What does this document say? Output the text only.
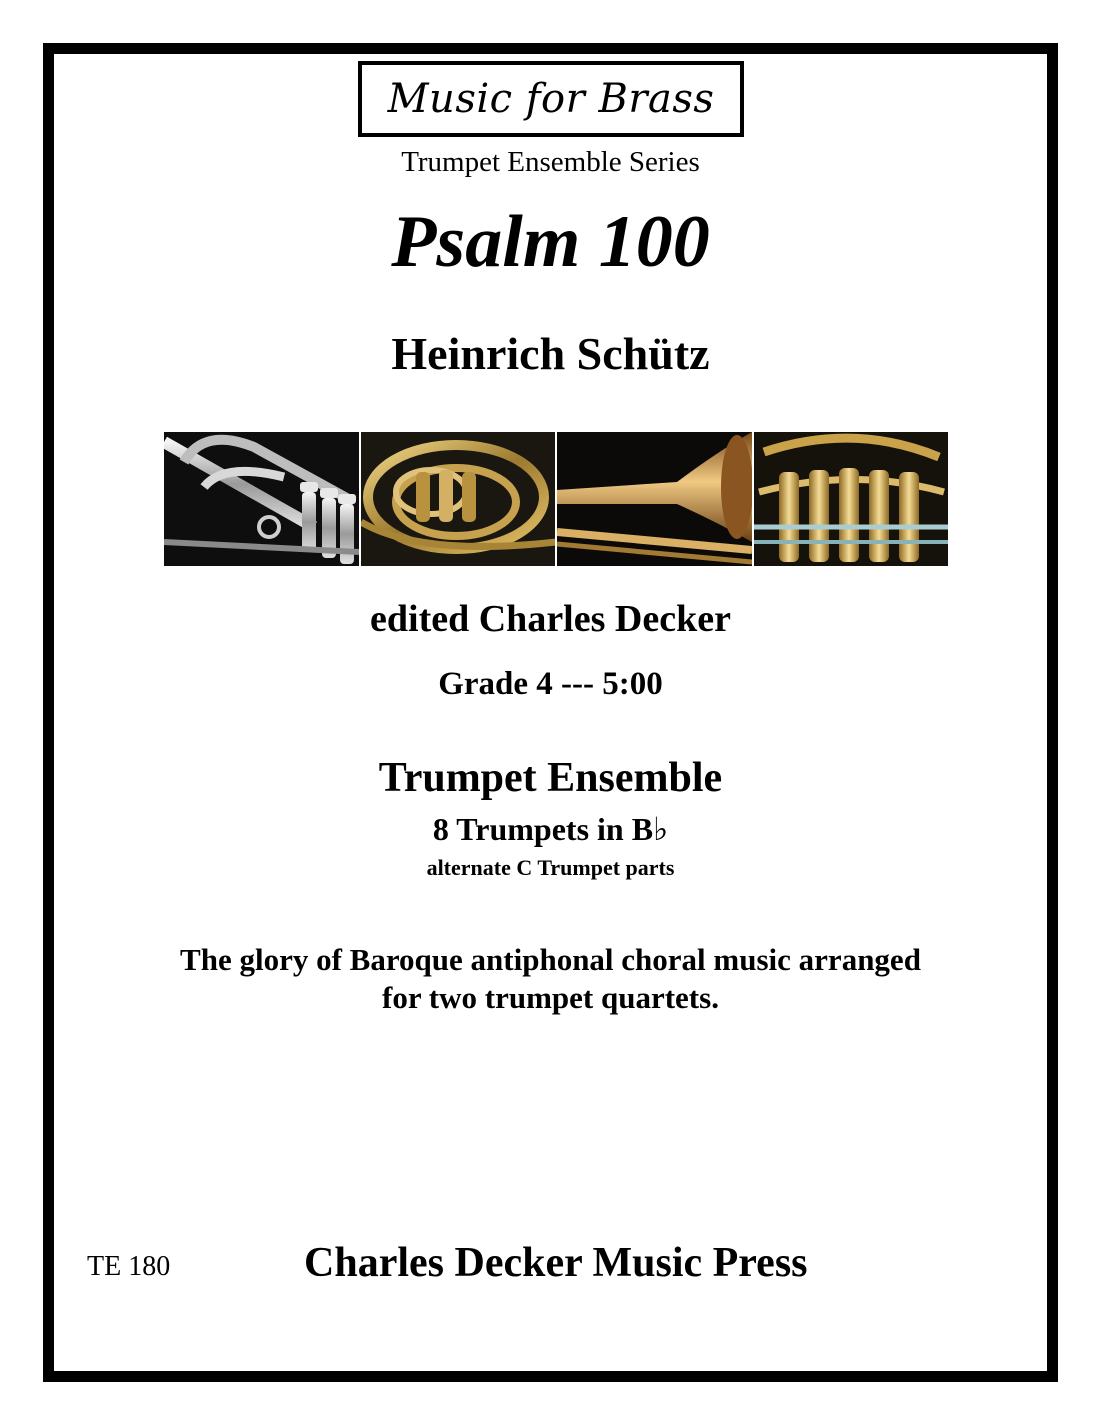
Music for Brass
Trumpet Ensemble Series
Psalm 100
Heinrich Schütz
edited Charles Decker
Grade 4 --- 5:00
Trumpet Ensemble
8 Trumpets in B♭
alternate C Trumpet parts
The glory of Baroque antiphonal choral music arranged
for two trumpet quartets.
TE 180	Charles Decker Music Press
